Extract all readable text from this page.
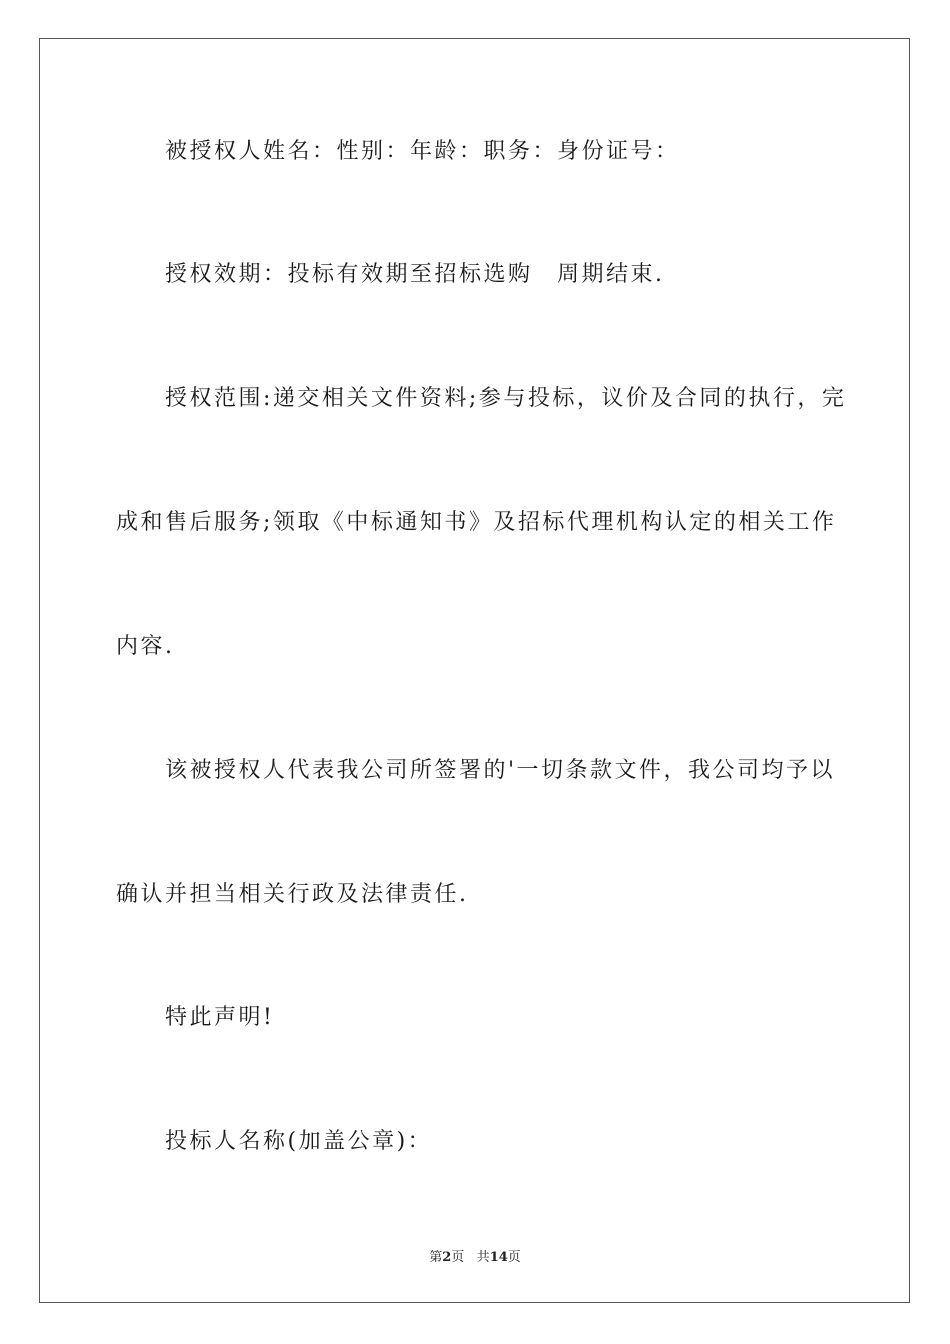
被授权人姓名：性别：年龄：职务：身份证号：
授权效期：投标有效期至招标选购　周期结束.
授权范围:递交相关文件资料;参与投标，议价及合同的执行，完
成和售后服务;领取《中标通知书》及招标代理机构认定的相关工作
内容.
该被授权人代表我公司所签署的'一切条款文件，我公司均予以
确认并担当相关行政及法律责任.
特此声明!
投标人名称(加盖公章)：
第2页 共14页
